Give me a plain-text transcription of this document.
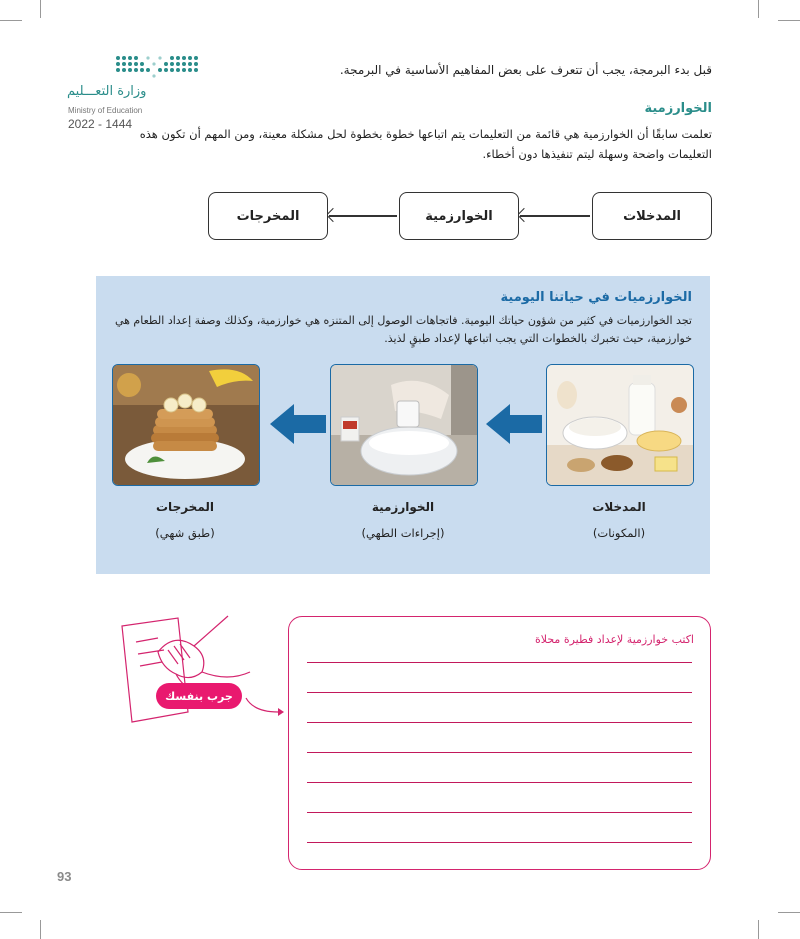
وزارة التعـــليم
Ministry of Education
2022 - 1444
قبل بدء البرمجة، يجب أن تتعرف على بعض المفاهيم الأساسية في البرمجة.
الخوارزمية
تعلمت سابقًا أن الخوارزمية هي قائمة من التعليمات يتم اتباعها خطوة بخطوة لحل مشكلة معينة، ومن المهم أن تكون هذه التعليمات واضحة وسهلة ليتم تنفيذها دون أخطاء.
المدخلات
الخوارزمية
المخرجات
الخوارزميات في حياتنا اليومية
تجد الخوارزميات في كثير من شؤون حياتك اليومية. فاتجاهات الوصول إلى المتنزه هي خوارزمية، وكذلك وصفة إعداد الطعام هي خوارزمية، حيث تخبرك بالخطوات التي يجب اتباعها لإعداد طبقٍ لذيذ.
المدخلات
(المكونات)
الخوارزمية
(إجراءات الطهي)
المخرجات
(طبق شهي)
جرب بنفسك
اكتب خوارزمية لإعداد فطيرة محلاة
93
